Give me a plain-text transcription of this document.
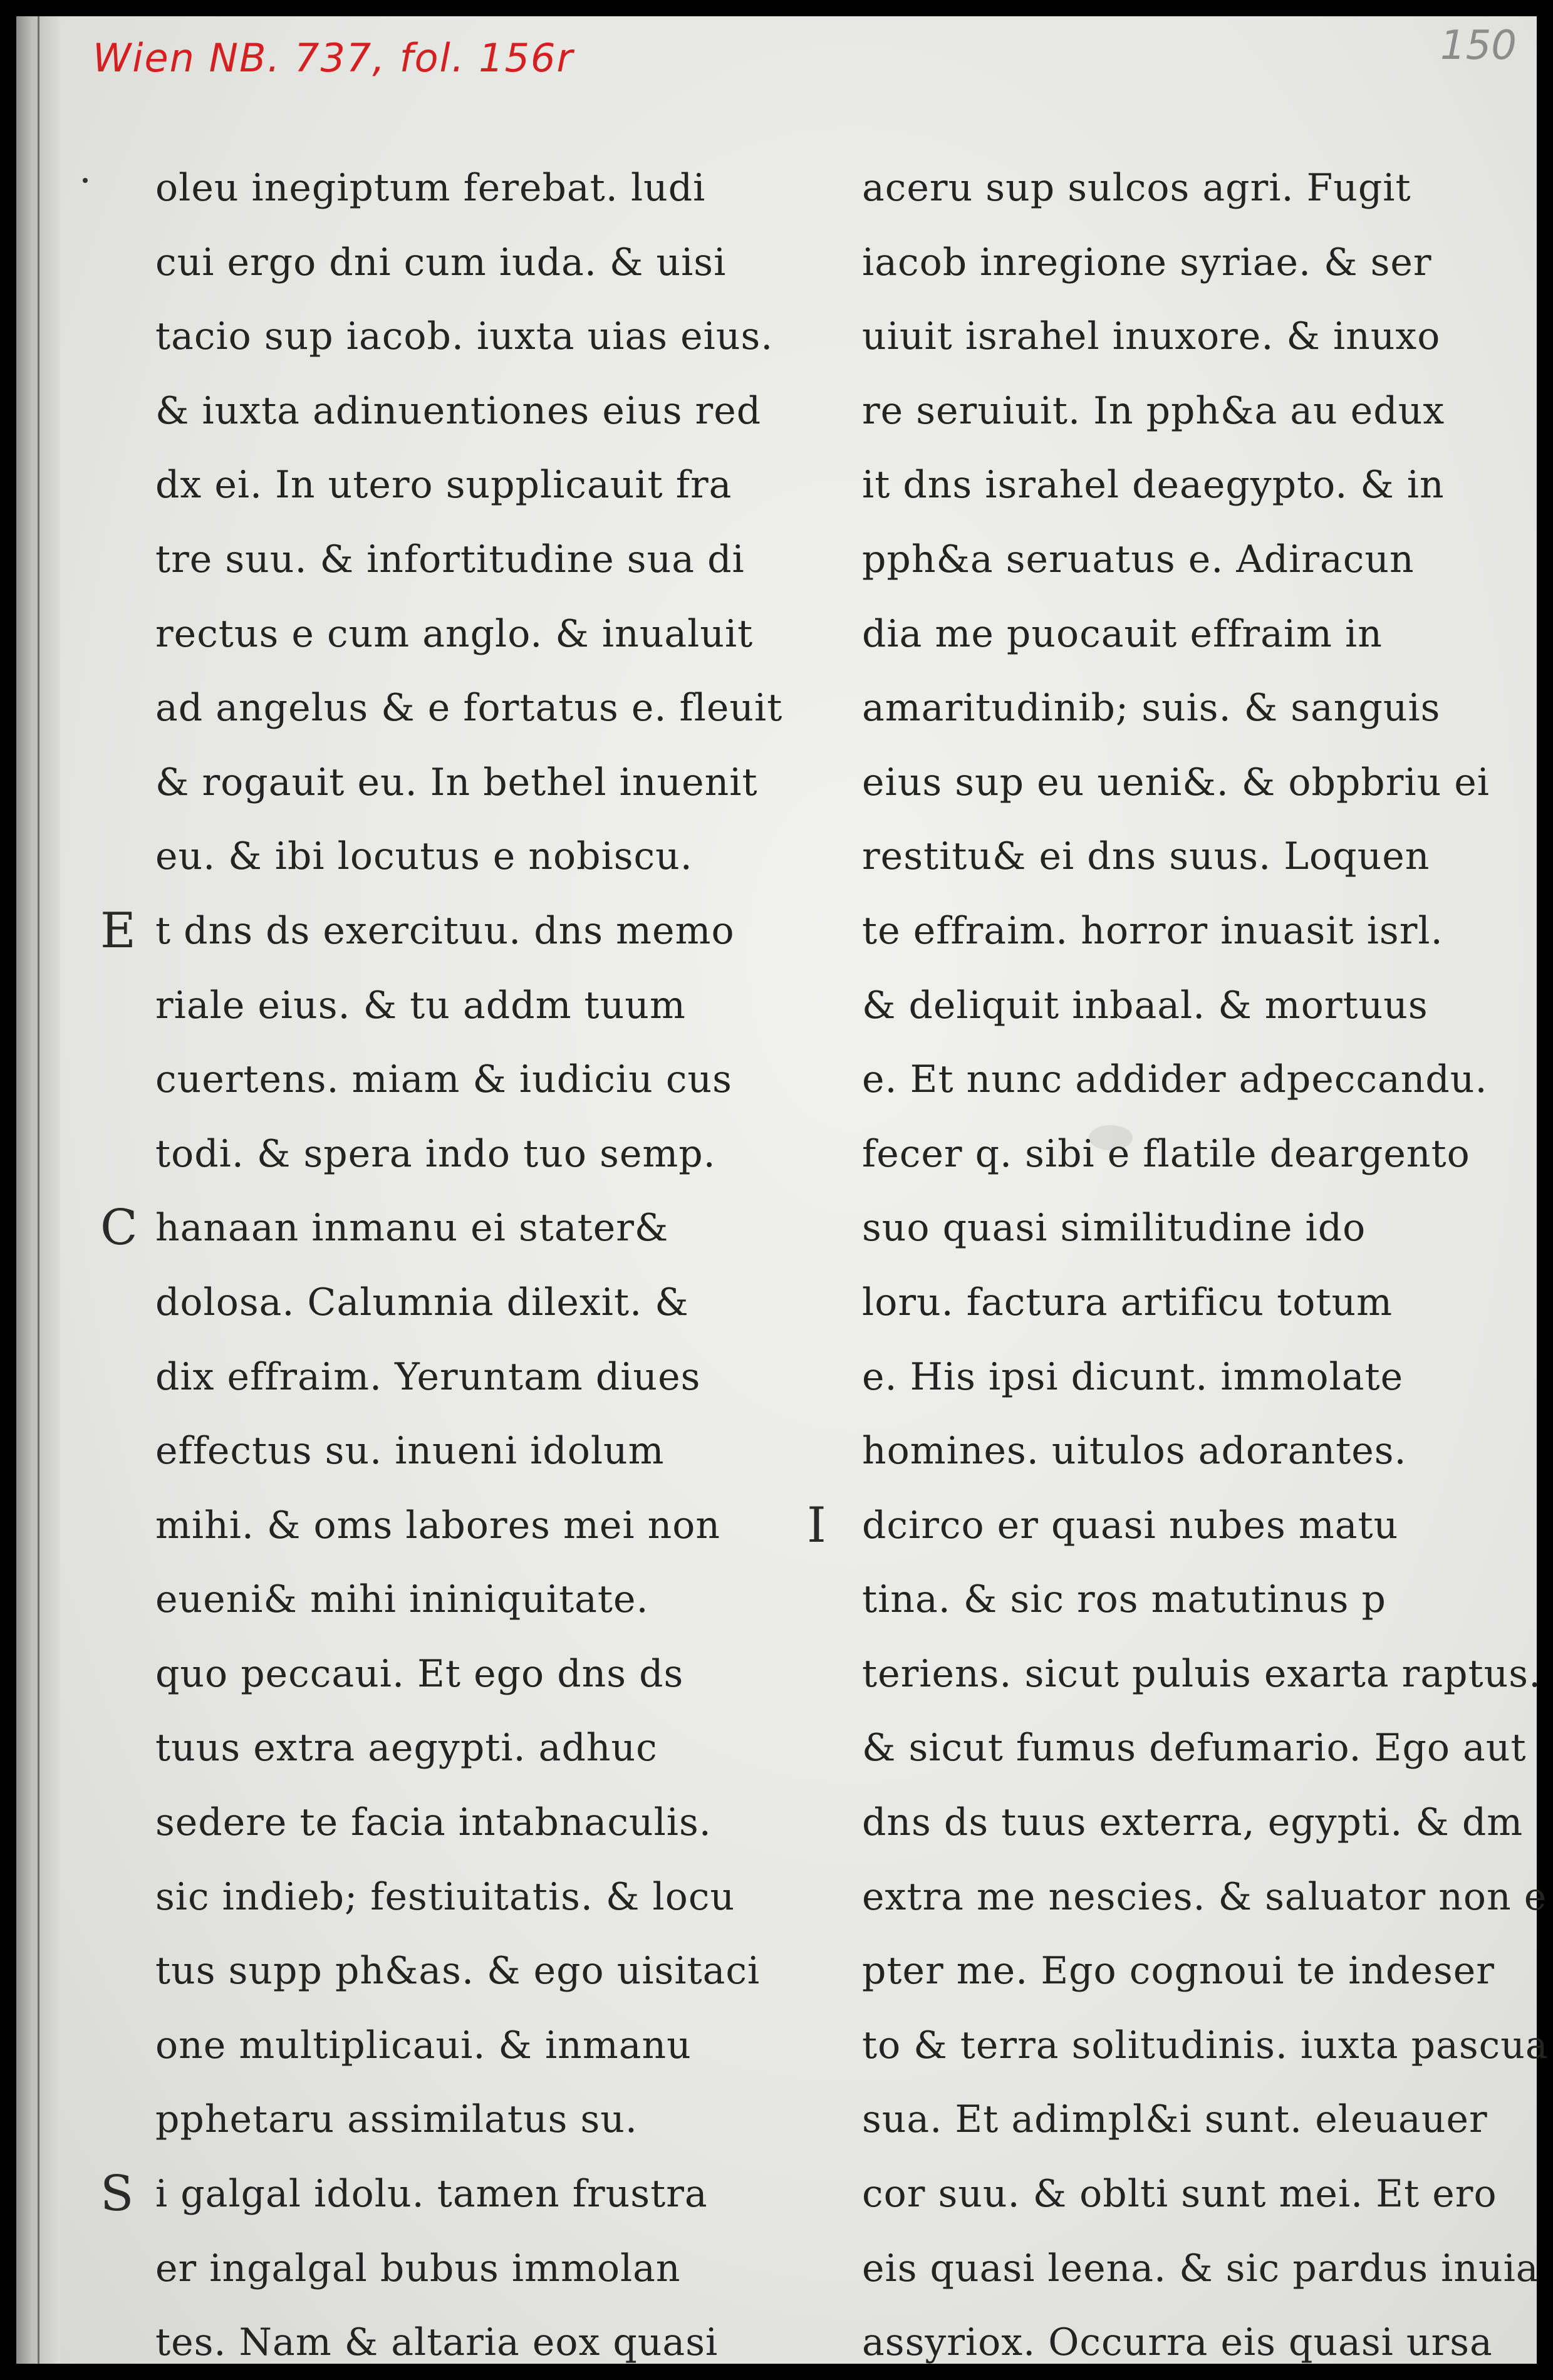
Wien NB. 737, fol. 156r	150
oleu inegiptum ferebat. ludi
cui ergo dni cum iuda. & uisi
tacio sup iacob. iuxta uias eius.
& iuxta adinuentiones eius red
dx ei. In utero supplicauit fra
tre suu. & infortitudine sua di
rectus e cum anglo. & inualuit
ad angelus & e fortatus e. fleuit
& rogauit eu. In bethel inuenit
eu. & ibi locutus e nobiscu.
E t dns ds exercituu. dns memo
riale eius. & tu addm tuum
cuertens. miam & iudiciu cus
todi. & spera indo tuo semp.
C hanaan inmanu ei stater&
dolosa. Calumnia dilexit. &
dix effraim. Yeruntam diues
effectus su. inueni idolum
mihi. & oms labores mei non
eueni& mihi ininiquitate.
quo peccaui. Et ego dns ds
tuus extra aegypti. adhuc
sedere te facia intabnaculis.
sic indieb; festiuitatis. & locu
tus supp ph&as. & ego uisitaci
one multiplicaui. & inmanu
pphetaru assimilatus su.
S i galgal idolu. tamen frustra
er ingalgal bubus immolan
tes. Nam & altaria eox quasi
aceru sup sulcos agri. Fugit
iacob inregione syriae. & ser
uiuit israhel inuxore. & inuxo
re seruiuit. In pph&a au edux
it dns israhel deaegypto. & in
pph&a seruatus e. Adiracun
dia me puocauit effraim in
amaritudinib; suis. & sanguis
eius sup eu ueni&. & obpbriu ei
restitu& ei dns suus. Loquen
te effraim. horror inuasit isrl.
& deliquit inbaal. & mortuus
e. Et nunc addider adpeccandu.
fecer q. sibi e flatile deargento
suo quasi similitudine ido
loru. factura artificu totum
e. His ipsi dicunt. immolate
homines. uitulos adorantes.
I dcirco er quasi nubes matu
tina. & sic ros matutinus p
teriens. sicut puluis exarta raptus.
& sicut fumus defumario. Ego aut
dns ds tuus exterra, egypti. & dm
extra me nescies. & saluator non e
pter me. Ego cognoui te indeser
to & terra solitudinis. iuxta pascua
sua. Et adimpl&i sunt. eleuauer
cor suu. & oblti sunt mei. Et ero
eis quasi leena. & sic pardus inuia
assyriox. Occurra eis quasi ursa
